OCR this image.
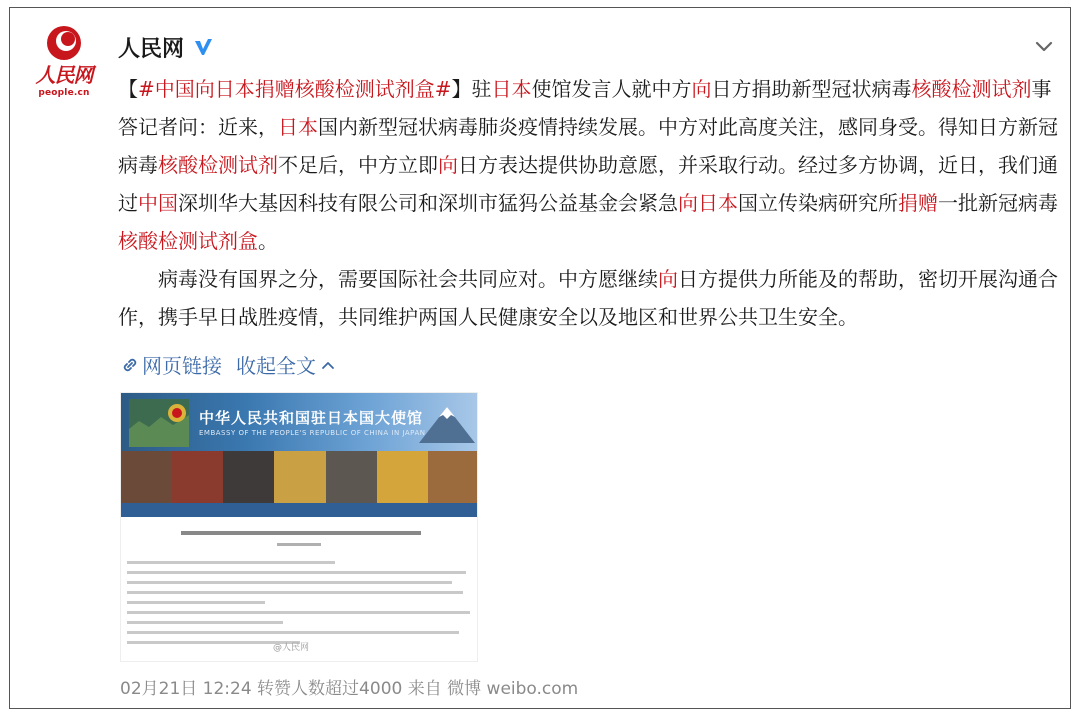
人民网
people.cn
人民网

【#中国向日本捐赠核酸检测试剂盒#】驻日本使馆发言人就中方向日方捐助新型冠状病毒核酸检测试剂事答记者问：近来，日本国内新型冠状病毒肺炎疫情持续发展。中方对此高度关注，感同身受。得知日方新冠病毒核酸检测试剂不足后，中方立即向日方表达提供协助意愿，并采取行动。经过多方协调，近日，我们通过中国深圳华大基因科技有限公司和深圳市猛犸公益基金会紧急向日本国立传染病研究所捐赠一批新冠病毒核酸检测试剂盒。

病毒没有国界之分，需要国际社会共同应对。中方愿继续向日方提供力所能及的帮助，密切开展沟通合作，携手早日战胜疫情，共同维护两国人民健康安全以及地区和世界公共卫生安全。

网页链接 收起全文
中华人民共和国驻日本国大使馆
EMBASSY OF THE PEOPLE'S REPUBLIC OF CHINA IN JAPAN
@人民网
02月21日 12:24 转赞人数超过4000 来自 微博 weibo.com
